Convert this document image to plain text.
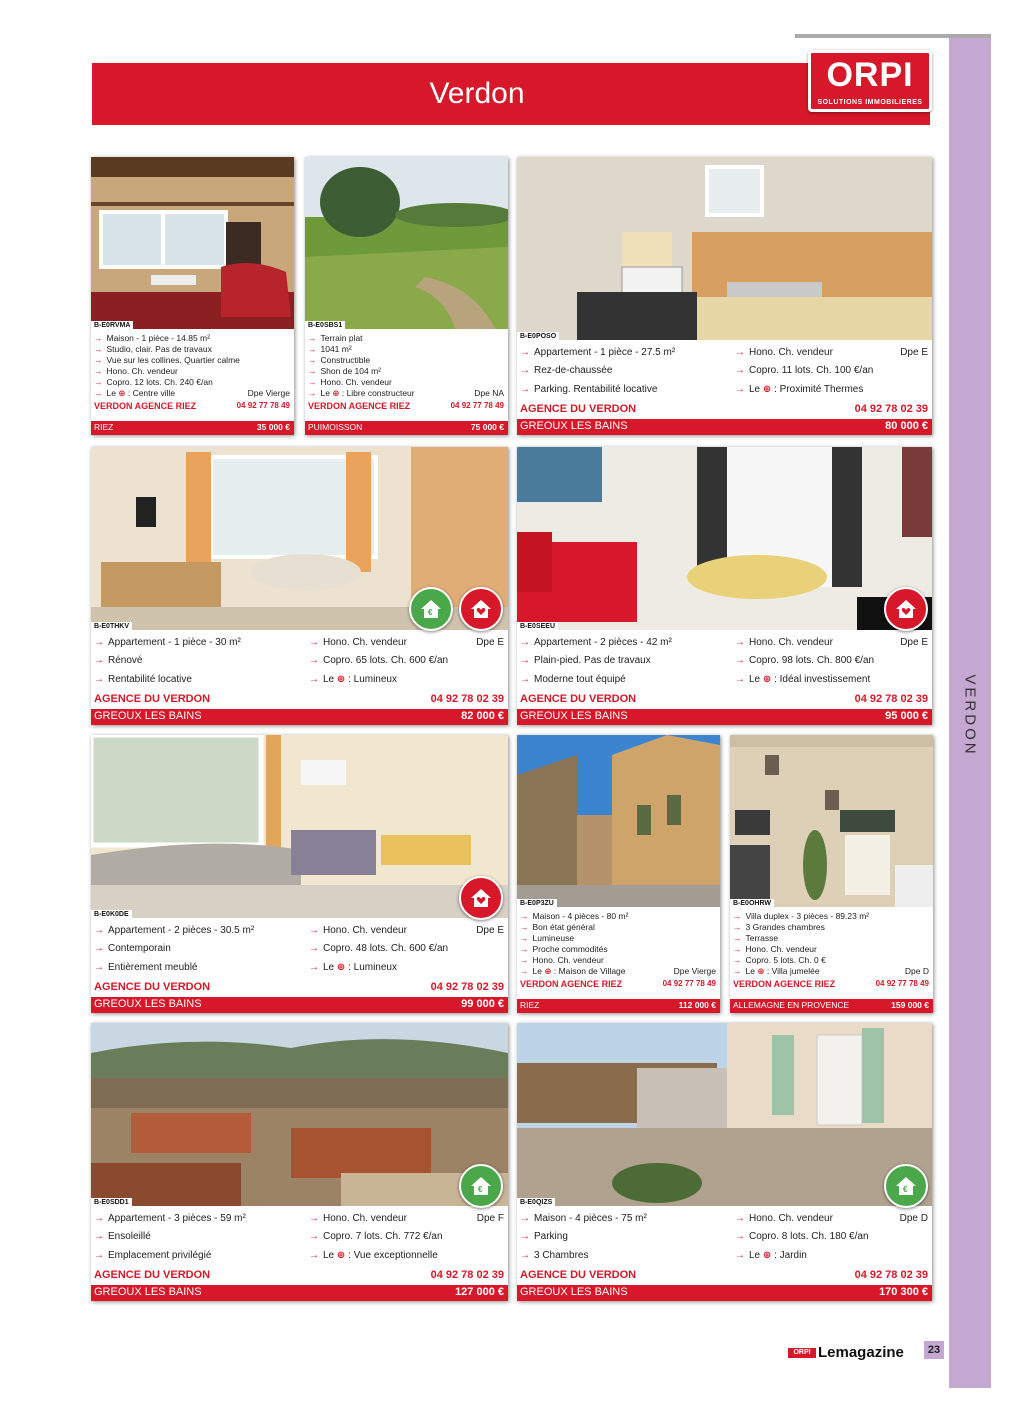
VERDON
Verdon	ORPI
SOLUTIONS IMMOBILIERES
B-E0RVMA
→ Maison - 1 pièce - 14.85 m²
→ Studio, clair. Pas de travaux
→ Vue sur les collines. Quartier calme
→ Hono. Ch. vendeur
→ Copro. 12 lots. Ch. 240 €/an
→ Le ⊕ : Centre ville	Dpe Vierge
VERDON AGENCE RIEZ	04 92 77 78 49
RIEZ	35 000 €
B-E0SBS1
→ Terrain plat
→ 1041 m²
→ Constructible
→ Shon de 104 m²
→ Hono. Ch. vendeur
→ Le ⊕ : Libre constructeur	Dpe NA
VERDON AGENCE RIEZ	04 92 77 78 49
PUIMOISSON	75 000 €
B-E0POSO
→ Appartement - 1 pièce - 27.5 m²
→ Rez-de-chaussée
→ Parking. Rentabilité locative
→ Hono. Ch. vendeur
→ Copro. 11 lots. Ch. 100 €/an
→ Le ⊕ : Proximité Thermes
Dpe E
AGENCE DU VERDON	04 92 78 02 39
GREOUX LES BAINS	80 000 €
€
B-E0THKV
→ Appartement - 1 pièce - 30 m²
→ Rénové
→ Rentabilité locative
→ Hono. Ch. vendeur
→ Copro. 65 lots. Ch. 600 €/an
→ Le ⊕ : Lumineux
Dpe E
AGENCE DU VERDON	04 92 78 02 39
GREOUX LES BAINS	82 000 €
B-E0SEEU
→ Appartement - 2 pièces - 42 m²
→ Plain-pied. Pas de travaux
→ Moderne tout équipé
→ Hono. Ch. vendeur
→ Copro. 98 lots. Ch. 800 €/an
→ Le ⊕ : Idéal investissement
Dpe E
AGENCE DU VERDON	04 92 78 02 39
GREOUX LES BAINS	95 000 €
B-E0K0DE
→ Appartement - 2 pièces - 30.5 m²
→ Contemporain
→ Entièrement meublé
→ Hono. Ch. vendeur
→ Copro. 48 lots. Ch. 600 €/an
→ Le ⊕ : Lumineux
Dpe E
AGENCE DU VERDON	04 92 78 02 39
GREOUX LES BAINS	99 000 €
B-E0P3ZU
→ Maison - 4 pièces - 80 m²
→ Bon état général
→ Lumineuse
→ Proche commodités
→ Hono. Ch. vendeur
→ Le ⊕ : Maison de Village	Dpe Vierge
VERDON AGENCE RIEZ	04 92 77 78 49
RIEZ	112 000 €
B-E0OHRW
→ Villa duplex - 3 pièces - 89.23 m²
→ 3 Grandes chambres
→ Terrasse
→ Hono. Ch. vendeur
→ Copro. 5 lots. Ch. 0 €
→ Le ⊕ : Villa jumelée	Dpe D
VERDON AGENCE RIEZ	04 92 77 78 49
ALLEMAGNE EN PROVENCE	159 000 €
€
B-E0SDD1
→ Appartement - 3 pièces - 59 m²
→ Ensoleillé
→ Emplacement privilégié
→ Hono. Ch. vendeur
→ Copro. 7 lots. Ch. 772 €/an
→ Le ⊕ : Vue exceptionnelle
Dpe F
AGENCE DU VERDON	04 92 78 02 39
GREOUX LES BAINS	127 000 €
€
B-E0QIZS
→ Maison - 4 pièces - 75 m²
→ Parking
→ 3 Chambres
→ Hono. Ch. vendeur
→ Copro. 8 lots. Ch. 180 €/an
→ Le ⊕ : Jardin
Dpe D
AGENCE DU VERDON	04 92 78 02 39
GREOUX LES BAINS	170 300 €
ORPI Lemagazine	23
